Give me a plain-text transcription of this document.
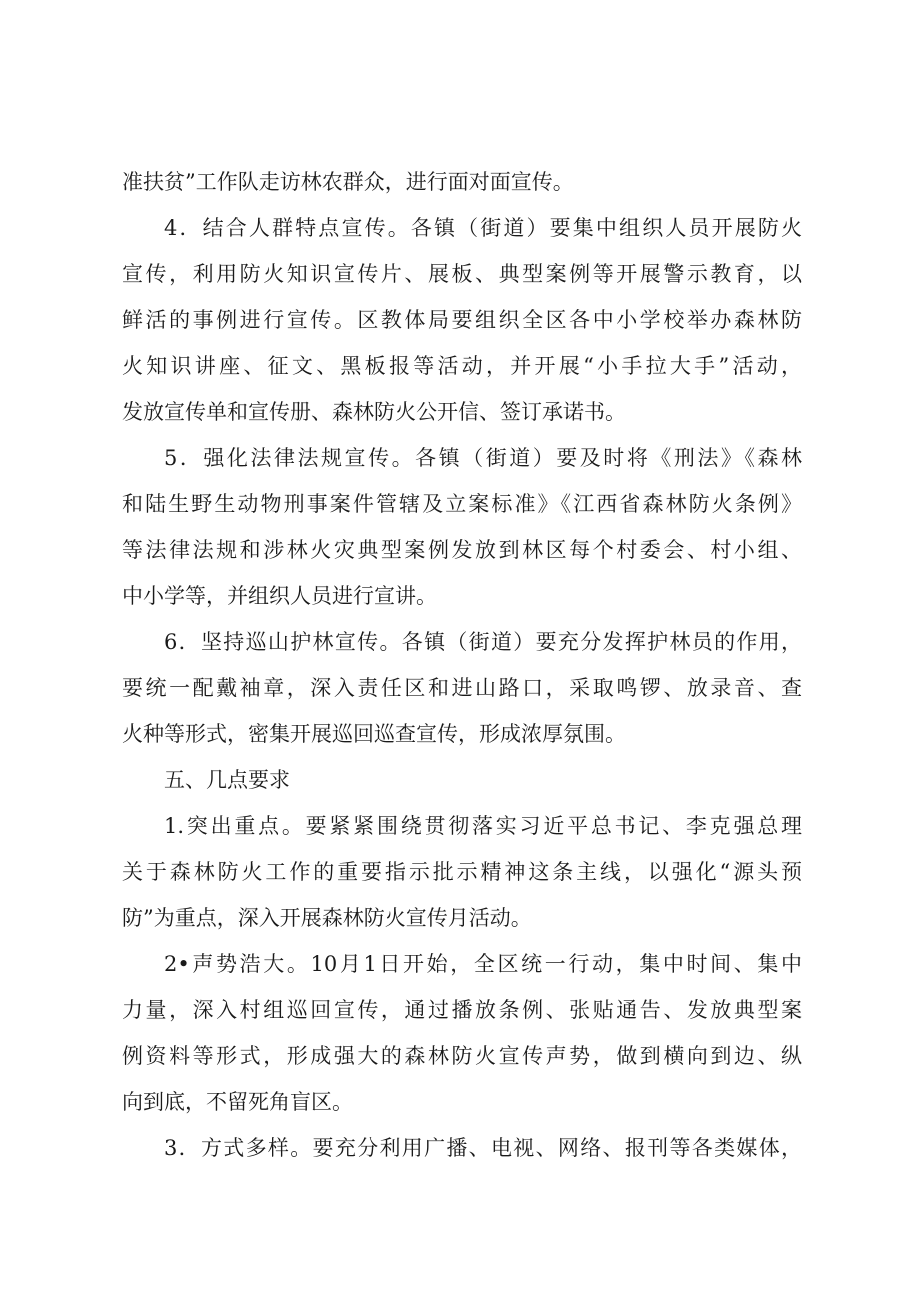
准扶贫”工作队走访林农群众，进行面对面宣传。
4．结合人群特点宣传。各镇（街道）要集中组织人员开展防火
宣传，利用防火知识宣传片、展板、典型案例等开展警示教育，以
鲜活的事例进行宣传。区教体局要组织全区各中小学校举办森林防
火知识讲座、征文、黑板报等活动，并开展“小手拉大手”活动，
发放宣传单和宣传册、森林防火公开信、签订承诺书。
5．强化法律法规宣传。各镇（街道）要及时将《刑法》《森林
和陆生野生动物刑事案件管辖及立案标准》《江西省森林防火条例》
等法律法规和涉林火灾典型案例发放到林区每个村委会、村小组、
中小学等，并组织人员进行宣讲。
6．坚持巡山护林宣传。各镇（街道）要充分发挥护林员的作用，
要统一配戴袖章，深入责任区和进山路口，采取鸣锣、放录音、查
火种等形式，密集开展巡回巡查宣传，形成浓厚氛围。
五、几点要求
1.突出重点。要紧紧围绕贯彻落实习近平总书记、李克强总理
关于森林防火工作的重要指示批示精神这条主线，以强化“源头预
防”为重点，深入开展森林防火宣传月活动。
2•声势浩大。10月1日开始，全区统一行动，集中时间、集中
力量，深入村组巡回宣传，通过播放条例、张贴通告、发放典型案
例资料等形式，形成强大的森林防火宣传声势，做到横向到边、纵
向到底，不留死角盲区。
3．方式多样。要充分利用广播、电视、网络、报刊等各类媒体，
